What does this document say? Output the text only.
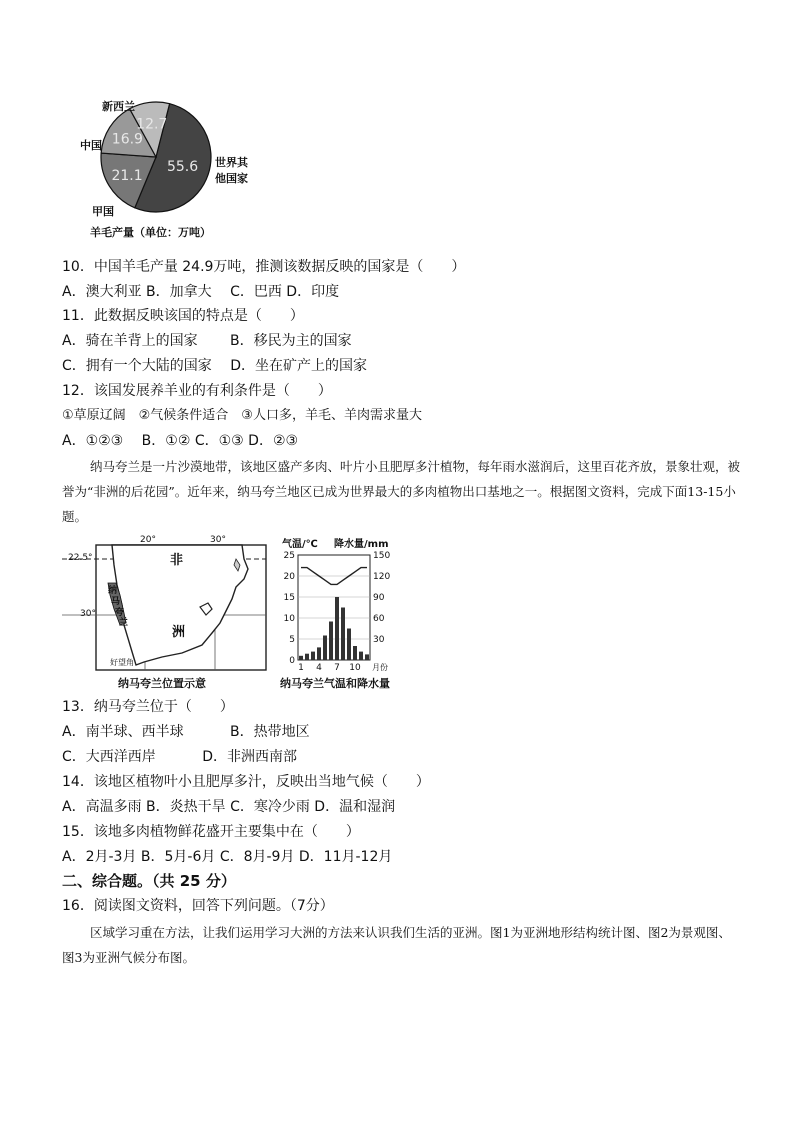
55.6
21.1
16.9
12.7
新西兰
中国
甲国
世界其
他国家
羊毛产量（单位：万吨）
10．中国羊毛产量 24.9万吨，推测该数据反映的国家是（　　）
A．澳大利亚 B．加拿大　 C．巴西 D．印度
11．此数据反映该国的特点是（　　）
A．骑在羊背上的国家　　 B．移民为主的国家
C．拥有一个大陆的国家　 D．坐在矿产上的国家
12．该国发展养羊业的有利条件是（　　）
①草原辽阔　②气候条件适合　③人口多，羊毛、羊肉需求量大
A．①②③　 B．①② C．①③ D．②③
纳马夸兰是一片沙漠地带，该地区盛产多肉、叶片小且肥厚多汁植物，每年雨水滋润后，这里百花齐放，景象壮观，被誉为“非洲的后花园”。近年来，纳马夸兰地区已成为世界最大的多肉植物出口基地之一。根据图文资料，完成下面13-15小题。
20°	30°
22.5°
30°
非
洲
纳
马
夸
兰
好望角
纳马夸兰位置示意
气温/℃ 降水量/mm
25
20
15
10
5
0
150
120
90
60
30
1 4 7 10 月份
纳马夸兰气温和降水量
13．纳马夸兰位于（　　）
A．南半球、西半球　　　 B．热带地区
C．大西洋西岸　　　 D．非洲西南部
14．该地区植物叶小且肥厚多汁，反映出当地气候（　　）
A．高温多雨 B．炎热干旱 C．寒冷少雨 D．温和湿润
15．该地多肉植物鲜花盛开主要集中在（　　）
A．2月-3月 B．5月-6月 C．8月-9月 D．11月-12月
二、综合题。（共 25 分）
16．阅读图文资料，回答下列问题。（7分）
区域学习重在方法，让我们运用学习大洲的方法来认识我们生活的亚洲。图1为亚洲地形结构统计图、图2为景观图、图3为亚洲气候分布图。
